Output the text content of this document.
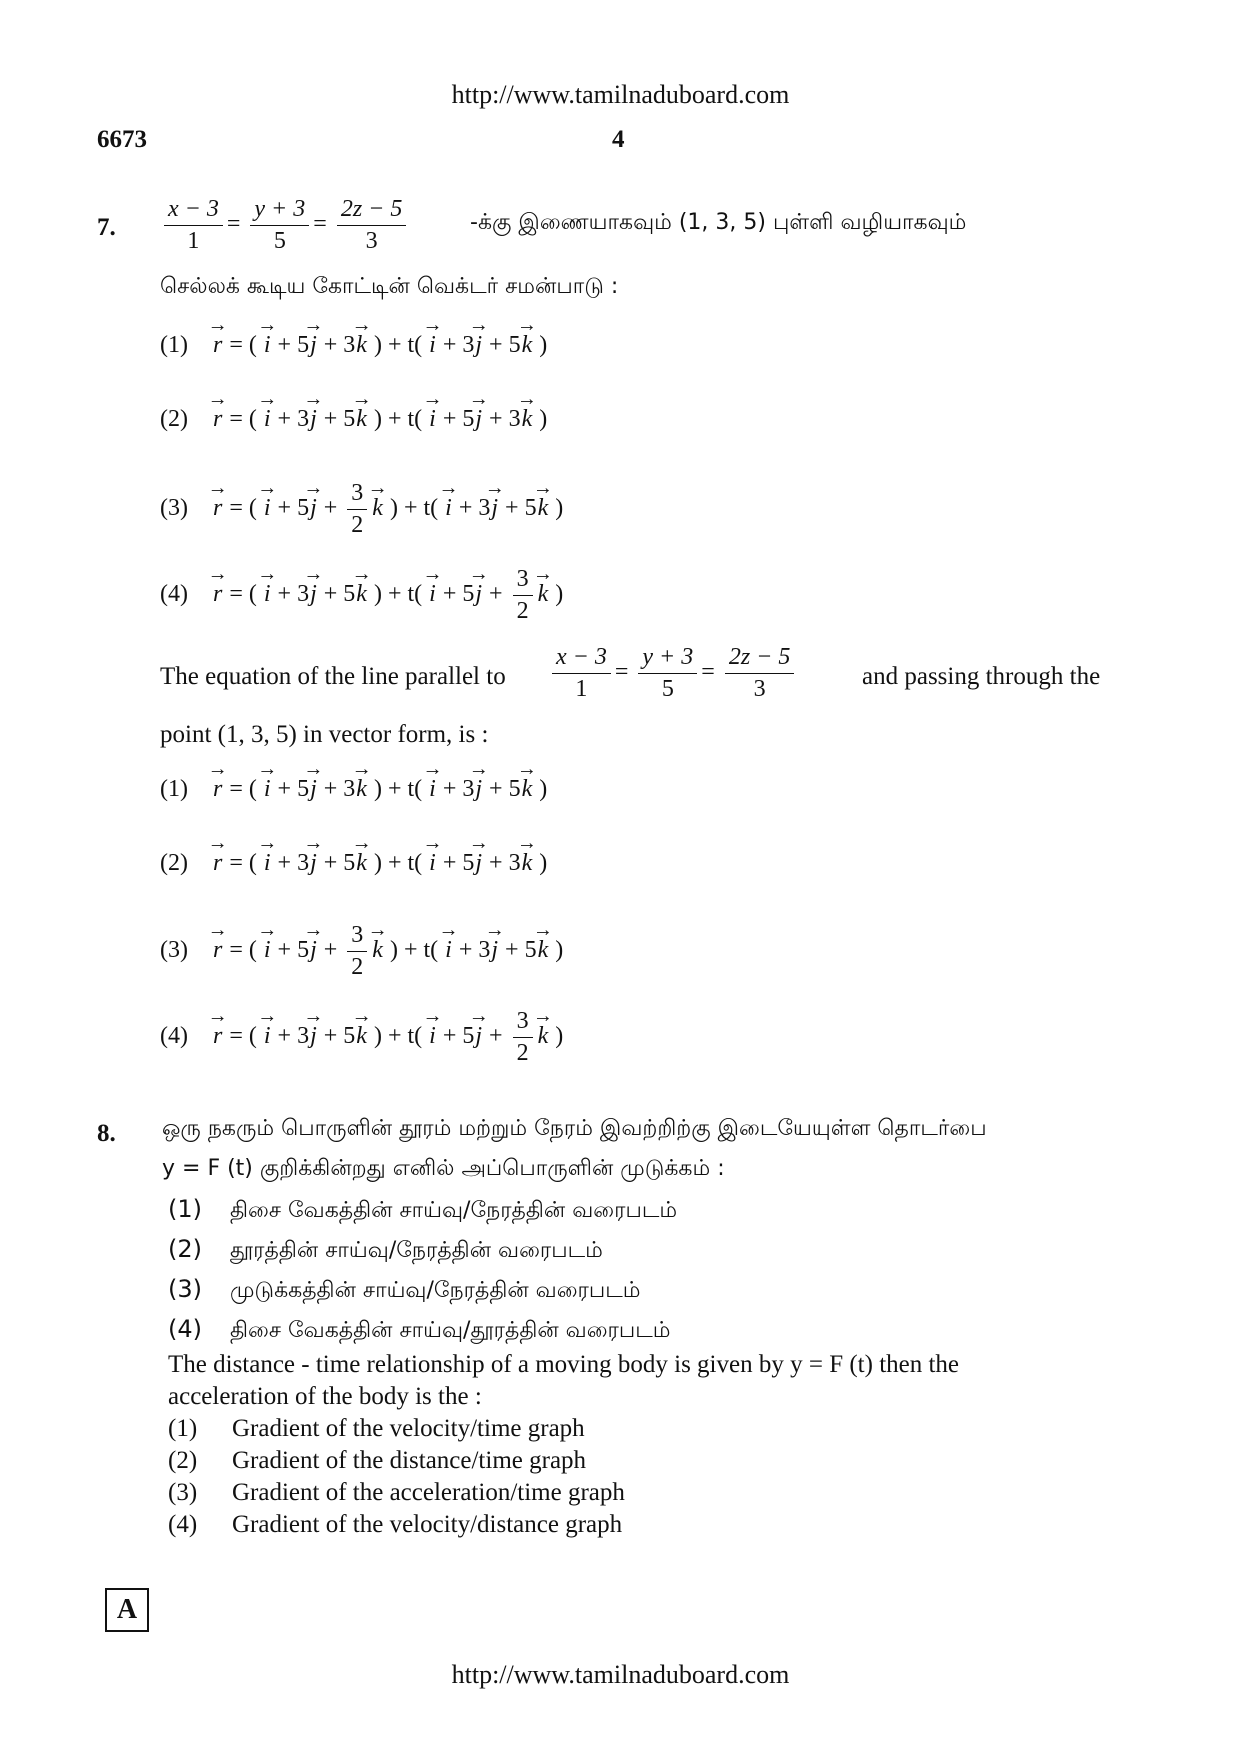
http://www.tamilnaduboard.com
6673	4
7. $\frac{x - 3}{1} = \frac{y + 3}{5} = \frac{2z - 5}{3}$	-க்கு இணையாகவும் (1, 3, 5) புள்ளி வழியாகவும்
செல்லக் கூடிய கோட்டின் வெக்டர் சமன்பாடு :
(1)    → r = ( → i + 5→ j + 3→ k ) + t( → i + 3→ j + 5→ k )
(2)    → r = ( → i + 3→ j + 5→ k ) + t( → i + 5→ j + 3→ k )
(3)    → r = ( → $i + 5\to j + \frac{3}{2}$
→ k ) + t( → i + 3→ j + 5→ k )
(4)    → r = ( → i + 3→ j + 5→ k ) + $t( \to i + 5\to j + \frac{3}{2}$
→ k )
The equation of the line parallel to $\frac{x - 3}{1} = \frac{y + 3}{5} = \frac{2z - 5}{3}$	and passing through the
point (1, 3, 5) in vector form, is :
(1)    → r = ( → i + 5→ j + 3→ k ) + t( → i + 3→ j + 5→ k )
(2)    → r = ( → i + 3→ j + 5→ k ) + t( → i + 5→ j + 3→ k )
(3)    → r = ( → $i + 5\to j + \frac{3}{2}$
→ k ) + t( → i + 3→ j + 5→ k )
(4)    → r = ( → i + 3→ j + 5→ k ) + $t( \to i + 5\to j + \frac{3}{2}$
→ k )
8. ஒரு நகரும் பொருளின் தூரம் மற்றும் நேரம் இவற்றிற்கு இடையேயுள்ள தொடர்பை
y = F (t) குறிக்கின்றது எனில் அப்பொருளின் முடுக்கம் :
(1) திசை வேகத்தின் சாய்வு/நேரத்தின் வரைபடம்
(2) தூரத்தின் சாய்வு/நேரத்தின் வரைபடம்
(3) முடுக்கத்தின் சாய்வு/நேரத்தின் வரைபடம்
(4) திசை வேகத்தின் சாய்வு/தூரத்தின் வரைபடம்
The distance - time relationship of a moving body is given by y = F (t) then the
acceleration of the body is the :
(1) Gradient of the velocity/time graph
(2) Gradient of the distance/time graph
(3) Gradient of the acceleration/time graph
(4) Gradient of the velocity/distance graph
A
http://www.tamilnaduboard.com
